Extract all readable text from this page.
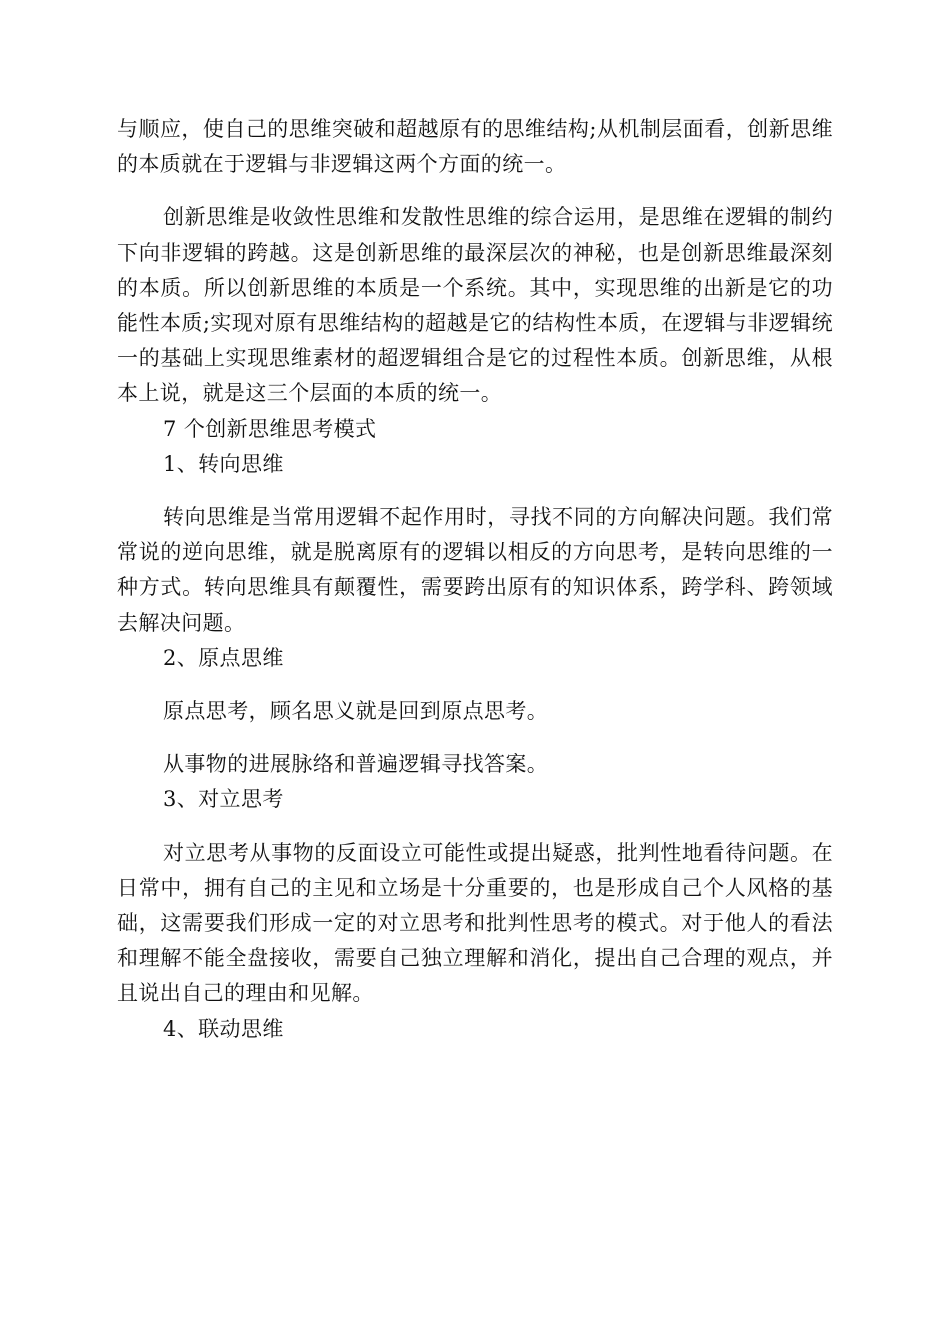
与顺应，使自己的思维突破和超越原有的思维结构;从机制层面看，创新思维的本质就在于逻辑与非逻辑这两个方面的统一。

创新思维是收敛性思维和发散性思维的综合运用，是思维在逻辑的制约下向非逻辑的跨越。这是创新思维的最深层次的神秘，也是创新思维最深刻的本质。所以创新思维的本质是一个系统。其中，实现思维的出新是它的功能性本质;实现对原有思维结构的超越是它的结构性本质，在逻辑与非逻辑统一的基础上实现思维素材的超逻辑组合是它的过程性本质。创新思维，从根本上说，就是这三个层面的本质的统一。

7 个创新思维思考模式

1、转向思维

转向思维是当常用逻辑不起作用时，寻找不同的方向解决问题。我们常常说的逆向思维，就是脱离原有的逻辑以相反的方向思考，是转向思维的一种方式。转向思维具有颠覆性，需要跨出原有的知识体系，跨学科、跨领域去解决问题。

2、原点思维

原点思考，顾名思义就是回到原点思考。

从事物的进展脉络和普遍逻辑寻找答案。

3、对立思考

对立思考从事物的反面设立可能性或提出疑惑，批判性地看待问题。在日常中，拥有自己的主见和立场是十分重要的，也是形成自己个人风格的基础，这需要我们形成一定的对立思考和批判性思考的模式。对于他人的看法和理解不能全盘接收，需要自己独立理解和消化，提出自己合理的观点，并且说出自己的理由和见解。

4、联动思维
